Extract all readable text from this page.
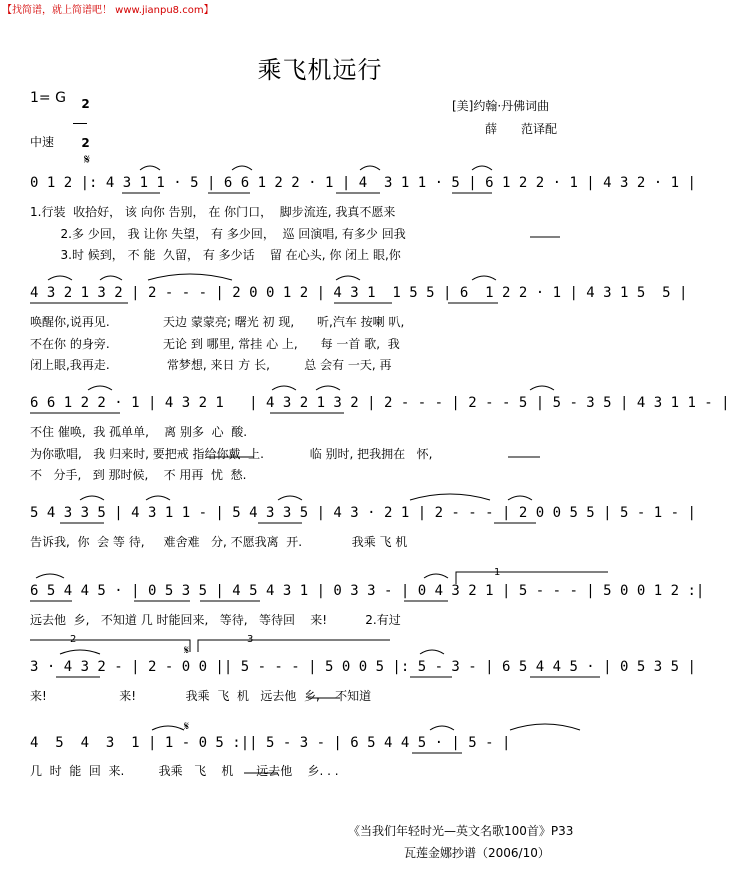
【找简谱，就上简谱吧！ www.jianpu8.com】
乘飞机远行
1= G	2

2

[美]约翰·丹佛词曲
薛　　范译配
中速
𝄋
0 1 2 |: 4 3 1 1 · 5 | 6 6 1 2 2 · 1 | 4  3 1 1 · 5 | 6 1 2 2 · 1 | 4 3 2 · 1 |
1.行装  收拾好， 该 向你 告别， 在 你门口，  脚步流连, 我真不愿来
2.多 少回， 我 让你 失望， 有 多少回，  巡 回演唱, 有多少 回我
3.时 候到， 不 能  久留， 有 多少话    留 在心头, 你 闭上 眼,你
4 3 2 1 3 2 | 2 - - - | 2 0 0 1 2 | 4 3 1  1 5 5 | 6  1 2 2 · 1 | 4 3 1 5  5 |
唤醒你,说再见.              天边 蒙蒙亮; 曙光 初 现,      听,汽车 按喇 叭,
不在你 的身旁.              无论 到 哪里, 常挂 心 上,      每 一首 歌,  我
闭上眼,我再走.               常梦想, 来日 方 长,         总 会有 一天, 再
6 6 1 2 2 · 1 | 4 3 2 1   | 4 3 2 1 3 2 | 2 - - - | 2 - - 5 | 5 - 3 5 | 4 3 1 1 - |
不住 催唤,  我 孤单单,    离 别多  心  酸.
为你歌唱,   我 归来时, 要把戒 指给你戴  上.            临 别时, 把我拥在   怀,
不   分手,   到 那时候,    不 用再  忧  愁.
5 4 3 3 5 | 4 3 1 1 - | 5 4 3 3 5 | 4 3 · 2 1 | 2 - - - | 2 0 0 5 5 | 5 - 1 - |
告诉我,  你  会 等 待,     难舍难   分, 不愿我离  开.             我乘 飞 机
1
6 5 4 4 5 · | 0 5 3 5 | 4 5 4 3 1 | 0 3 3 - | 0 4 3 2 1 | 5 - - - | 5 0 0 1 2 :|
远去他  乡,   不知道 几 时能回来,   等待,   等待回    来!          2.有过
2	3
𝄋
3 · 4 3 2 - | 2 - 0 0 || 5 - - - | 5 0 0 5 |: 5 - 3 - | 6 5 4 4 5 · | 0 5 3 5 |
来!                   来!             我乘  飞  机   远去他  乡,    不知道
𝄋
4  5  4  3  1 | 1 - 0 5 :|| 5 - 3 - | 6 5 4 4 5 · | 5 - |
几  时  能  回  来.         我乘   飞    机      远去他    乡. . .
《当我们年轻时光—英文名歌100首》P33
瓦莲金娜抄谱（2006/10）
